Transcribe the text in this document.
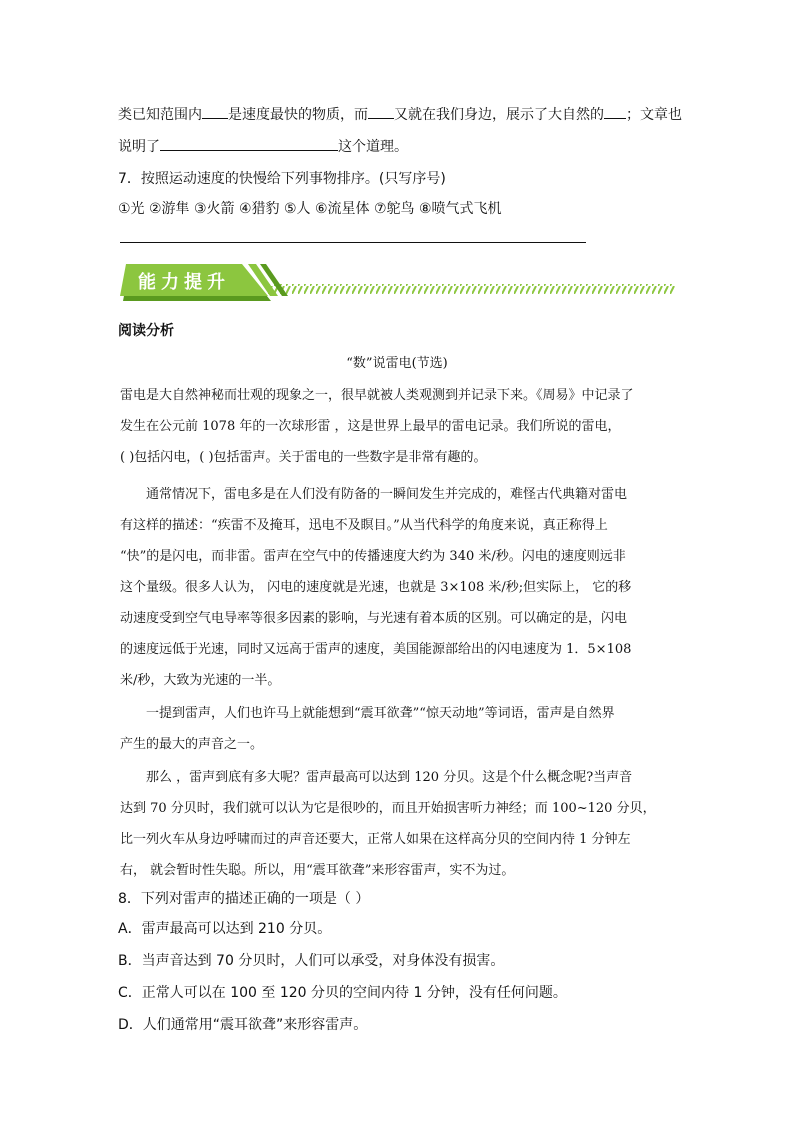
类已知范围内 是速度最快的物质，而 又就在我们身边，展示了大自然的 ；文章也
说明了	这个道理。
7．按照运动速度的快慢给下列事物排序。(只写序号)
①光 ②游隼 ③火箭 ④猎豹 ⑤人 ⑥流星体 ⑦鸵鸟 ⑧喷气式飞机
能力提升
阅读分析
“数”说雷电(节选)
雷电是大自然神秘而壮观的现象之一，很早就被人类观测到并记录下来。《周易》中记录了
发生在公元前 1078 年的一次球形雷 ，这是世界上最早的雷电记录。我们所说的雷电，
( )包括闪电，( )包括雷声。关于雷电的一些数字是非常有趣的。
通常情况下，雷电多是在人们没有防备的一瞬间发生并完成的，难怪古代典籍对雷电
有这样的描述：“疾雷不及掩耳，迅电不及瞑目。”从当代科学的角度来说，真正称得上
“快”的是闪电，而非雷。雷声在空气中的传播速度大约为 340 米/秒。闪电的速度则远非
这个量级。很多人认为， 闪电的速度就是光速，也就是 3×108 米/秒;但实际上， 它的移
动速度受到空气电导率等很多因素的影响，与光速有着本质的区别。可以确定的是，闪电
的速度远低于光速，同时又远高于雷声的速度，美国能源部给出的闪电速度为 1．5×108
米/秒，大致为光速的一半。
一提到雷声，人们也许马上就能想到“震耳欲聋”“惊天动地”等词语，雷声是自然界
产生的最大的声音之一。
那么 ，雷声到底有多大呢？雷声最高可以达到 120 分贝。这是个什么概念呢?当声音
达到 70 分贝时，我们就可以认为它是很吵的，而且开始损害听力神经；而 100~120 分贝，
比一列火车从身边呼啸而过的声音还要大，正常人如果在这样高分贝的空间内待 1 分钟左
右， 就会暂时性失聪。所以，用“震耳欲聋”来形容雷声，实不为过。
8．下列对雷声的描述正确的一项是（ ）
A．雷声最高可以达到 210 分贝。
B．当声音达到 70 分贝时，人们可以承受，对身体没有损害。
C．正常人可以在 100 至 120 分贝的空间内待 1 分钟，没有任何问题。
D．人们通常用“震耳欲聋”来形容雷声。
